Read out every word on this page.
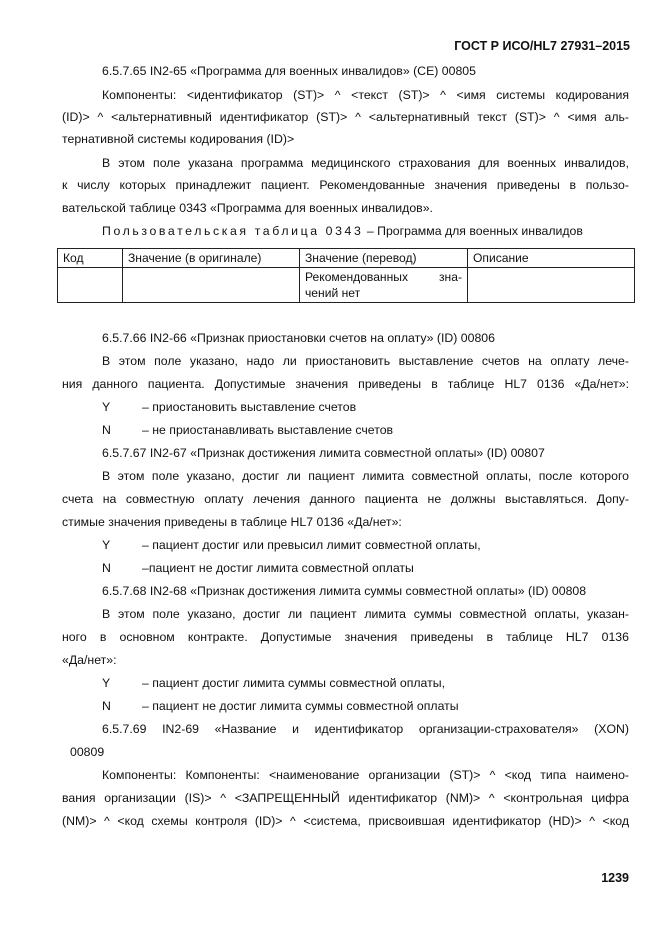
ГОСТ Р ИСО/HL7 27931–2015
6.5.7.65 IN2-65 «Программа для военных инвалидов» (СЕ) 00805
Компоненты: <идентификатор (ST)> ^ <текст (ST)> ^ <имя системы кодирования
(ID)> ^ <альтернативный идентификатор (ST)> ^ <альтернативный текст (ST)> ^ <имя аль-
тернативной системы кодирования (ID)>
В этом поле указана программа медицинского страхования для военных инвалидов,
к числу которых принадлежит пациент. Рекомендованные значения приведены в пользо-
вательской таблице 0343 «Программа для военных инвалидов».
Пользовательская таблица 0343 – Программа для военных инвалидов
Код	Значение (в оригинале)	Значение (перевод)	Описание

		Рекомендованных зна-
чений нет	
6.5.7.66 IN2-66 «Признак приостановки счетов на оплату» (ID) 00806
В этом поле указано, надо ли приостановить выставление счетов на оплату лече-
ния данного пациента. Допустимые значения приведены в таблице HL7 0136 «Да/нет»:
Y	– приостановить выставление счетов
N	– не приостанавливать выставление счетов
6.5.7.67 IN2-67 «Признак достижения лимита совместной оплаты» (ID) 00807
В этом поле указано, достиг ли пациент лимита совместной оплаты, после которого
счета на совместную оплату лечения данного пациента не должны выставляться. Допу-
стимые значения приведены в таблице HL7 0136 «Да/нет»:
Y	– пациент достиг или превысил лимит совместной оплаты,
N	–пациент не достиг лимита совместной оплаты
6.5.7.68 IN2-68 «Признак достижения лимита суммы совместной оплаты» (ID) 00808
В этом поле указано, достиг ли пациент лимита суммы совместной оплаты, указан-
ного в основном контракте. Допустимые значения приведены в таблице HL7 0136
«Да/нет»:
Y	– пациент достиг лимита суммы совместной оплаты,
N	– пациент не достиг лимита суммы совместной оплаты
6.5.7.69 IN2-69 «Название и идентификатор организации-страхователя» (XON)
00809
Компоненты: Компоненты: <наименование организации (ST)> ^ <код типа наимено-
вания организации (IS)> ^ <ЗАПРЕЩЕННЫЙ идентификатор (NM)> ^ <контрольная цифра
(NM)> ^ <код схемы контроля (ID)> ^ <система, присвоившая идентификатор (HD)> ^ <код
1239
